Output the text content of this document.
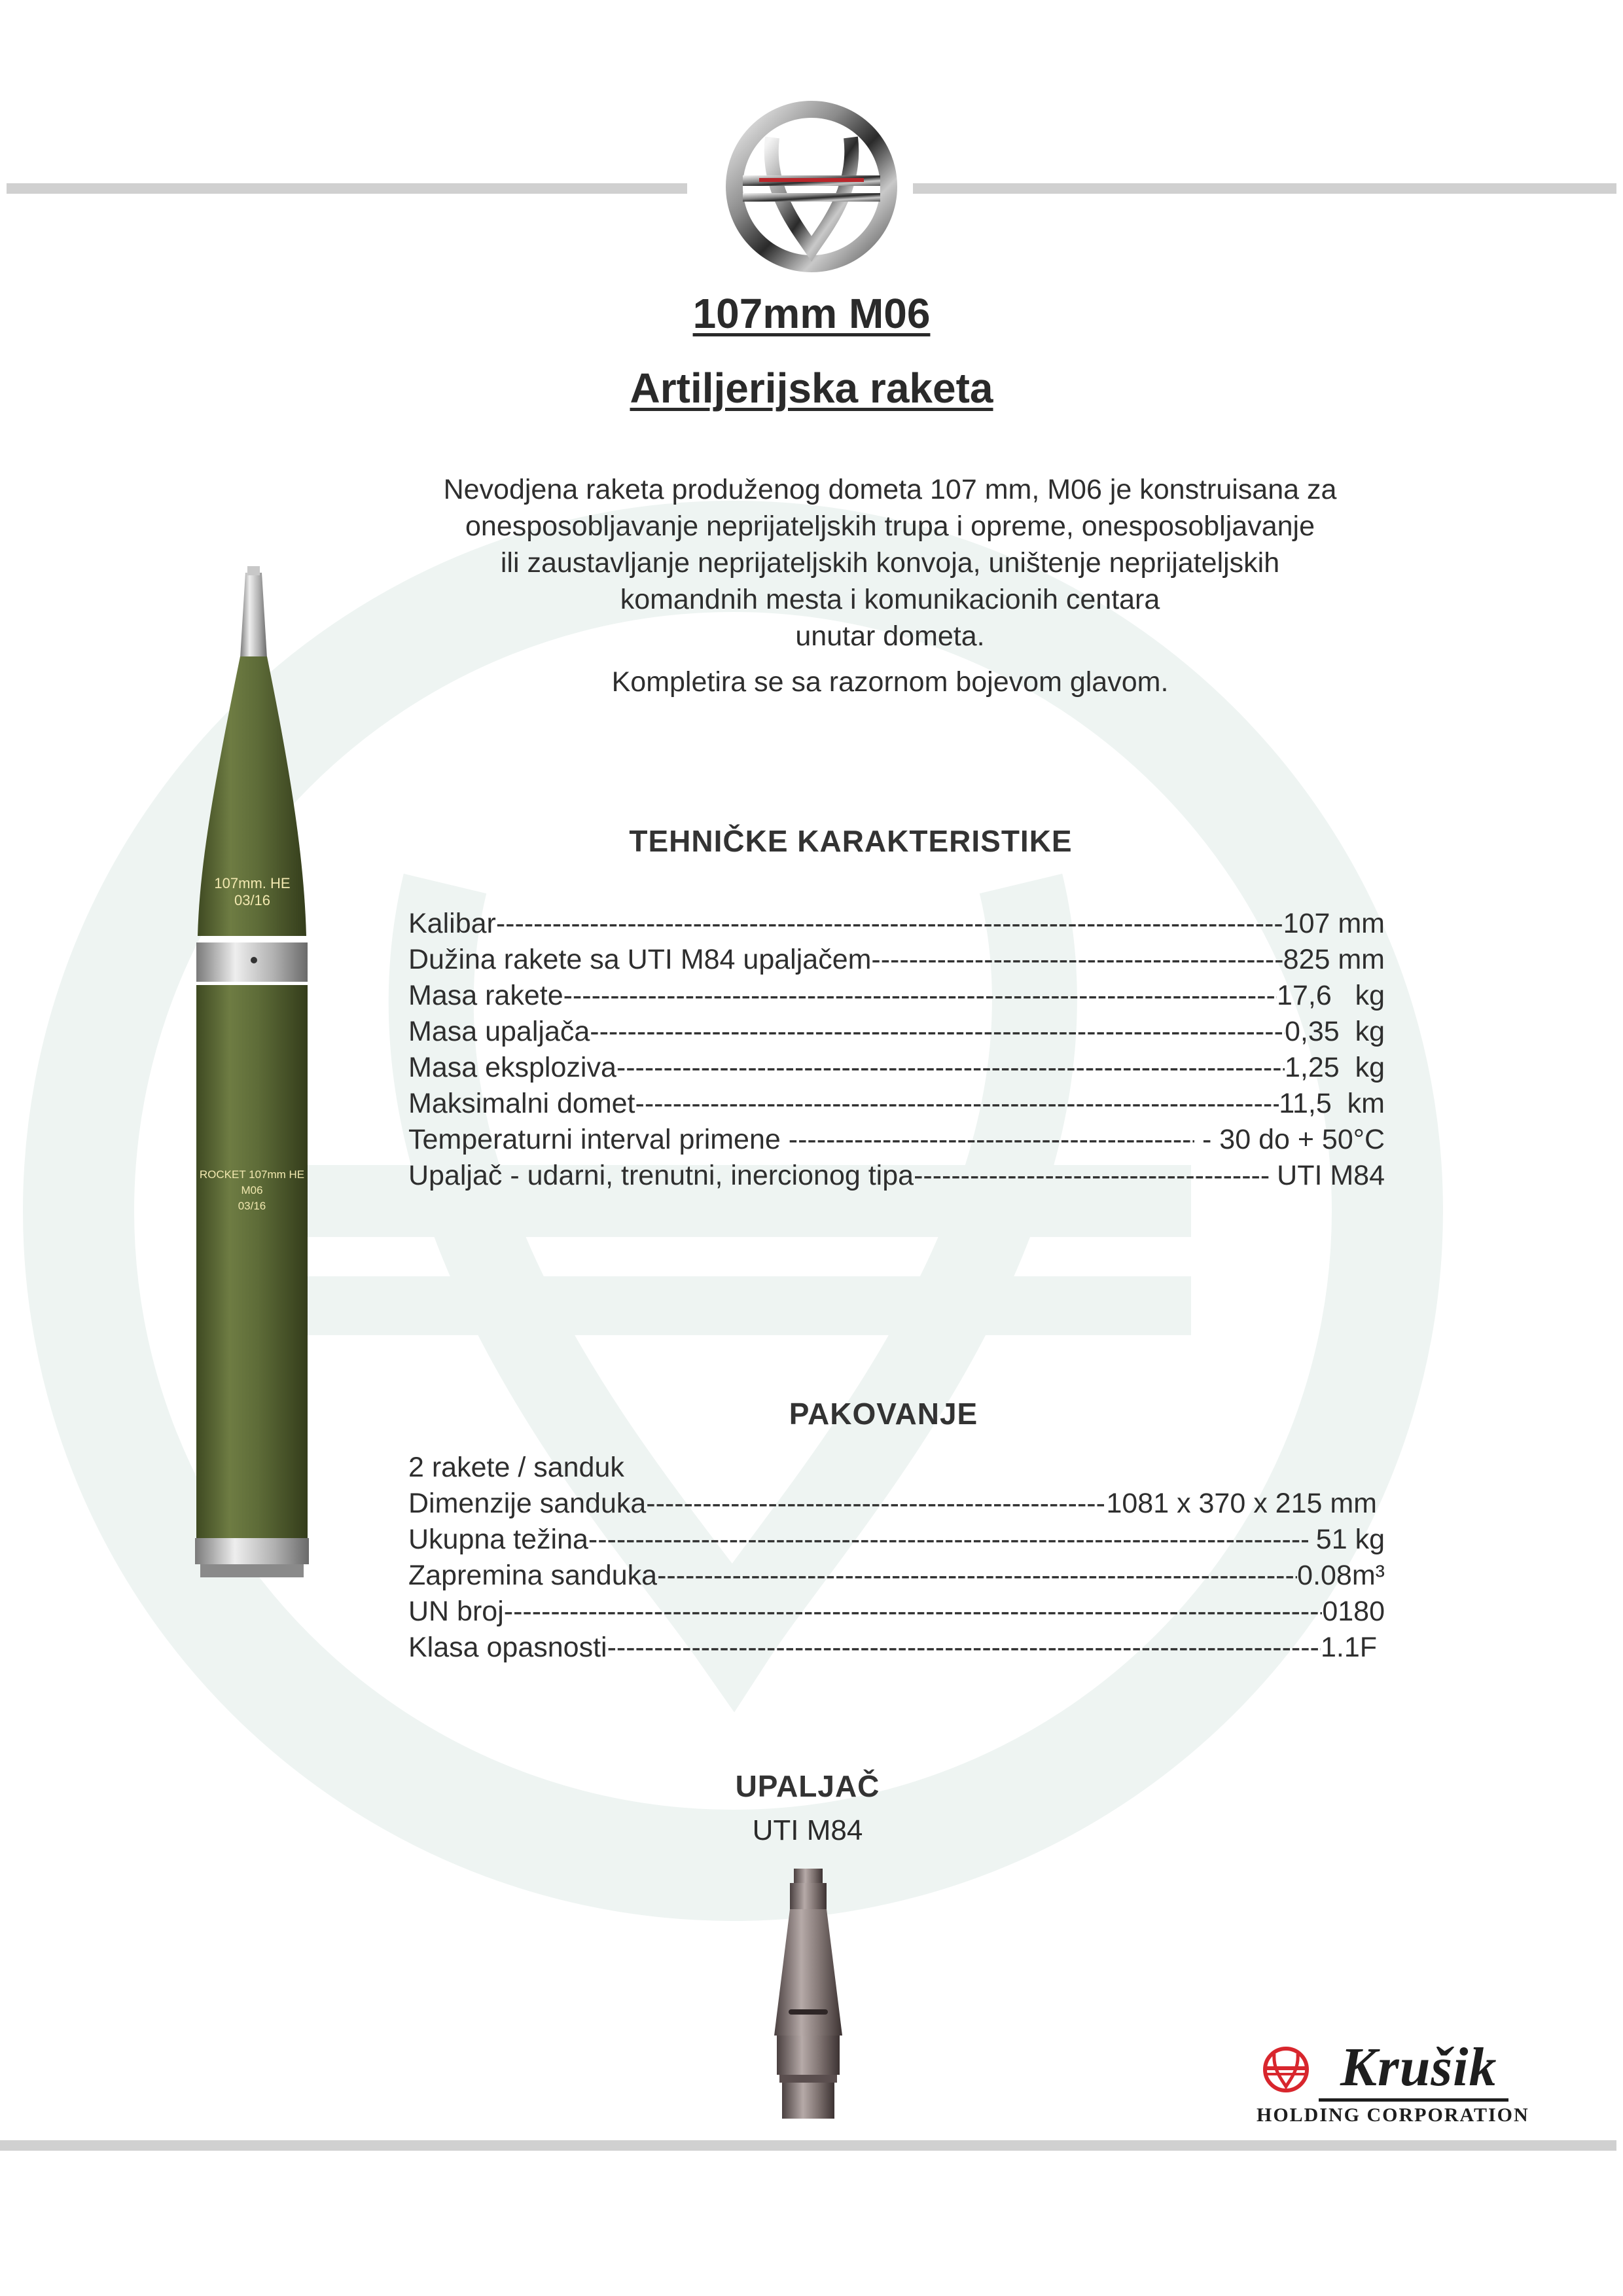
107mm M06
Artiljerijska raketa
Nevodjena raketa produženog dometa 107 mm, M06 je konstruisana za
onesposobljavanje neprijateljskih trupa i opreme, onesposobljavanje
ili zaustavljanje neprijateljskih konvoja, uništenje neprijateljskih
komandnih mesta i komunikacionih centara
unutar dometa.
Kompletira se sa razornom bojevom glavom.
TEHNIČKE KARAKTERISTIKE
Kalibar -----	107 mm
Dužina rakete sa UTI M84 upaljačem -----	825 mm
Masa rakete -----	17,6   kg
Masa upaljača -----	0,35  kg
Masa eksploziva -----	1,25  kg
Maksimalni domet -----	11,5  km
Temperaturni interval primene -----	- 30 do + 50°C
Upaljač - udarni, trenutni, inercionog tipa -----	UTI M84
PAKOVANJE
2 rakete / sanduk
Dimenzije sanduka -----	1081 x 370 x 215 mm
Ukupna težina -----	51 kg
Zapremina sanduka -----	0.08m³
UN broj -----	0180
Klasa opasnosti -----	1.1F
UPALJAČ
UTI M84
107mm. HE
03/16
ROCKET 107mm HE M06
03/16
Krušik
HOLDING CORPORATION
